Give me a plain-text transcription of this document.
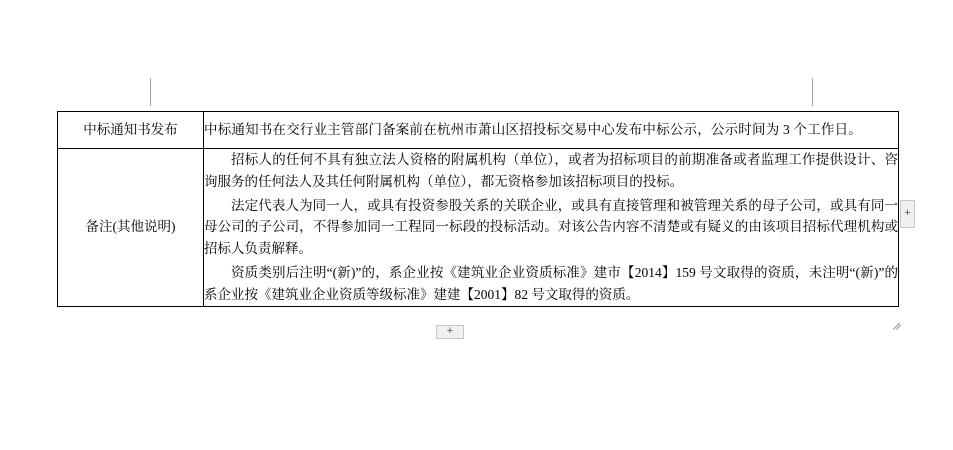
中标通知书发布	中标通知书在交行业主管部门备案前在杭州市萧山区招投标交易中心发布中标公示，公示时间为 3 个工作日。

备注(其他说明)	招标人的任何不具有独立法人资格的附属机构（单位），或者为招标项目的前期准备或者监理工作提供设计、咨询服务的任何法人及其任何附属机构（单位），都无资格参加该招标项目的投标。

法定代表人为同一人，或具有投资参股关系的关联企业，或具有直接管理和被管理关系的母子公司，或具有同一母公司的子公司，不得参加同一工程同一标段的投标活动。对该公告内容不清楚或有疑义的由该项目招标代理机构或招标人负责解释。

资质类别后注明“(新)”的，系企业按《建筑业企业资质标准》建市【2014】159 号文取得的资质，未注明“(新)”的系企业按《建筑业企业资质等级标准》建建【2001】82 号文取得的资质。

+
+
